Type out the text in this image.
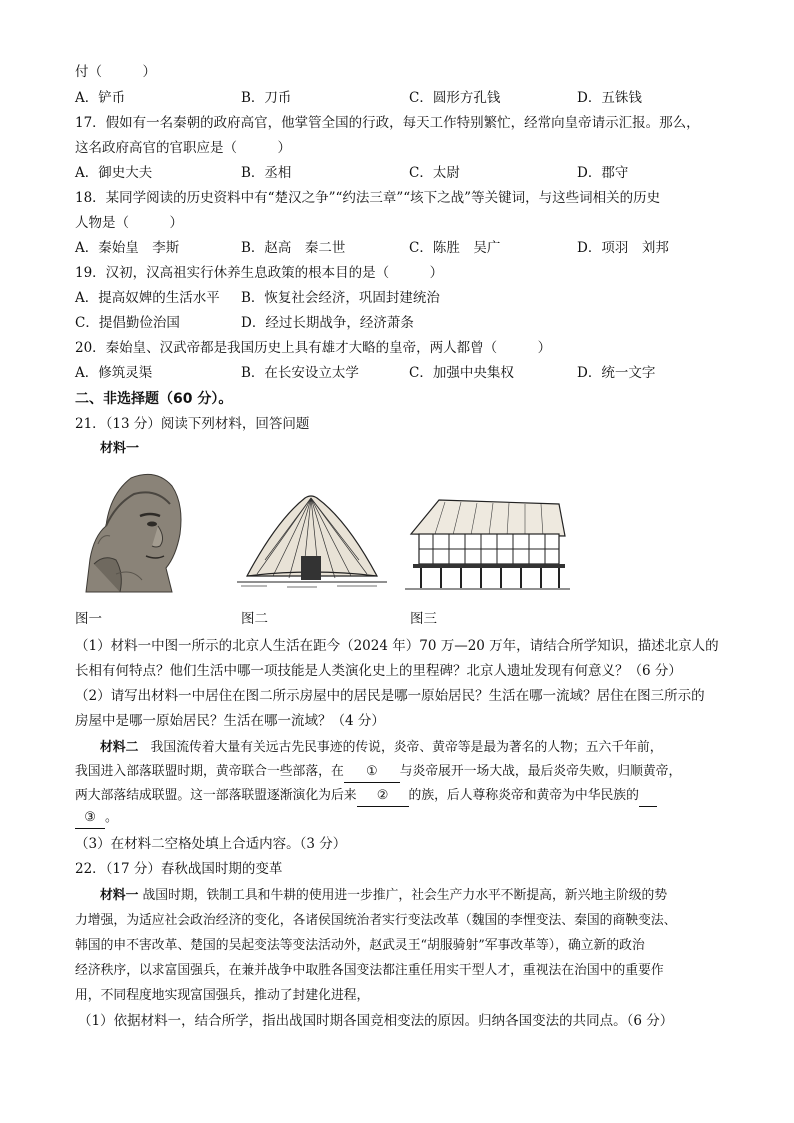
付（　　　）
A．铲币	B．刀币	C．圆形方孔钱	D．五铢钱
17．假如有一名秦朝的政府高官，他掌管全国的行政，每天工作特别繁忙，经常向皇帝请示汇报。那么，
这名政府高官的官职应是（　　　）
A．御史大夫	B．丞相	C．太尉	D．郡守
18．某同学阅读的历史资料中有“楚汉之争”“约法三章”“垓下之战”等关键词，与这些词相关的历史
人物是（　　　）
A．秦始皇　李斯	B．赵高　秦二世	C．陈胜　吴广	D．项羽　刘邦
19．汉初，汉高祖实行休养生息政策的根本目的是（　　　）
A．提高奴婢的生活水平 B．恢复社会经济，巩固封建统治
C．提倡勤俭治国	D．经过长期战争，经济萧条
20．秦始皇、汉武帝都是我国历史上具有雄才大略的皇帝，两人都曾（　　　）
A．修筑灵渠	B．在长安设立太学	C．加强中央集权	D．统一文字
二、非选择题（60 分）。
21．（13 分）阅读下列材料，回答问题
材料一
图一	图二	图三
（1）材料一中图一所示的北京人生活在距今（2024 年）70 万—20 万年，请结合所学知识，描述北京人的
长相有何特点？他们生活中哪一项技能是人类演化史上的里程碑？北京人遗址发现有何意义？（6 分）
（2）请写出材料一中居住在图二所示房屋中的居民是哪一原始居民？生活在哪一流域？居住在图三所示的
房屋中是哪一原始居民？生活在哪一流域？（4 分）
材料二 我国流传着大量有关远古先民事迹的传说，炎帝、黄帝等是最为著名的人物；五六千年前，
我国进入部落联盟时期，黄帝联合一些部落，在 ① 与炎帝展开一场大战，最后炎帝失败，归顺黄帝，
两大部落结成联盟。这一部落联盟逐渐演化为后来 ② 的族，后人尊称炎帝和黄帝为中华民族的
③ 。
（3）在材料二空格处填上合适内容。（3 分）
22．（17 分）春秋战国时期的变革
材料一 战国时期，铁制工具和牛耕的使用进一步推广，社会生产力水平不断提高，新兴地主阶级的势
力增强，为适应社会政治经济的变化，各诸侯国统治者实行变法改革（魏国的李悝变法、秦国的商鞅变法、
韩国的申不害改革、楚国的吴起变法等变法活动外，赵武灵王“胡服骑射”军事改革等），确立新的政治
经济秩序，以求富国强兵，在兼并战争中取胜各国变法都注重任用实干型人才，重视法在治国中的重要作
用，不同程度地实现富国强兵，推动了封建化进程，
（1）依据材料一，结合所学，指出战国时期各国竞相变法的原因。归纳各国变法的共同点。（6 分）
